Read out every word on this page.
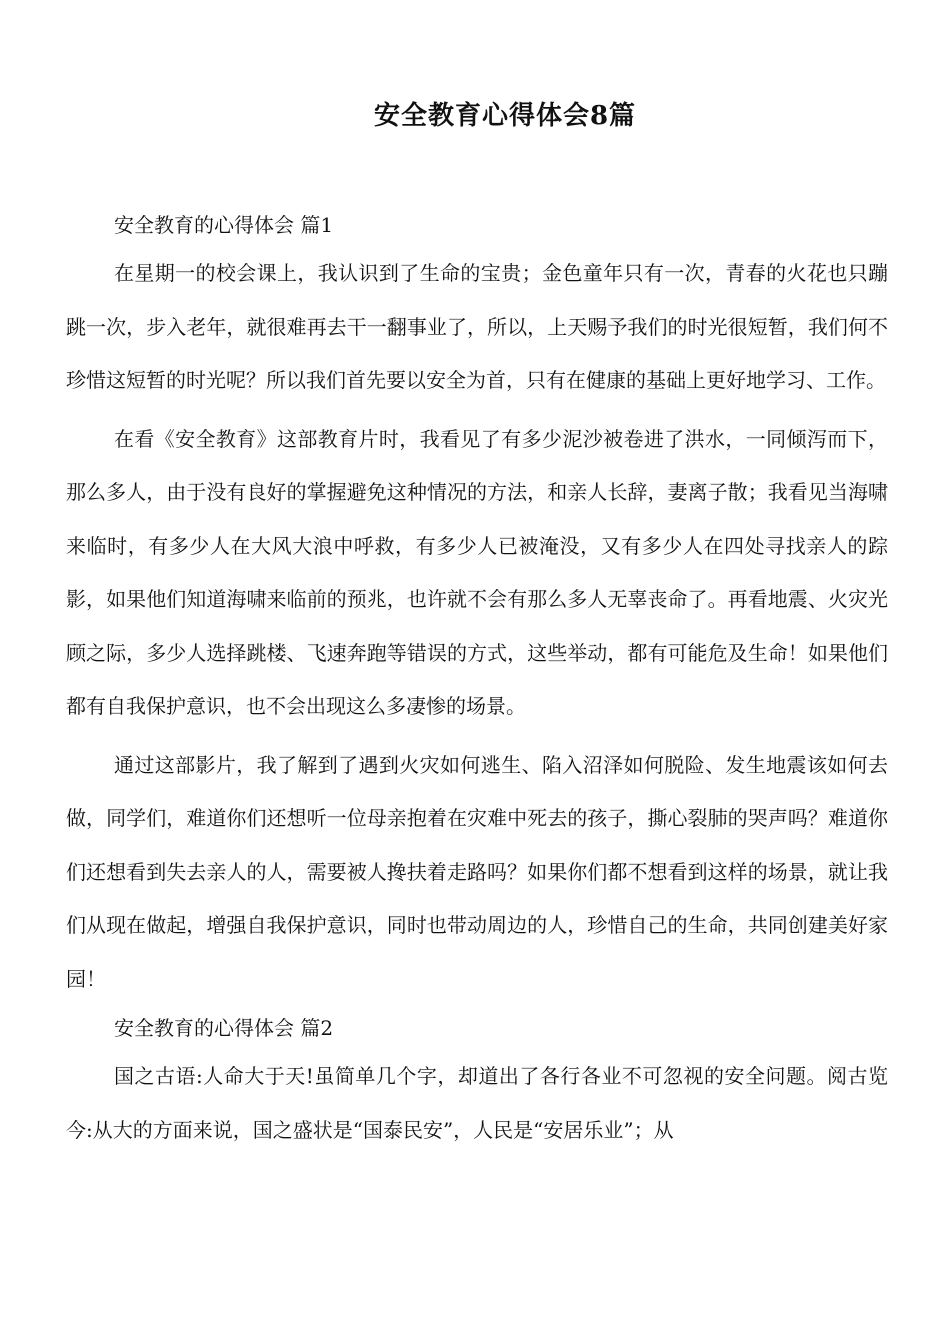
安全教育心得体会8篇

安全教育的心得体会 篇1

在星期一的校会课上，我认识到了生命的宝贵；金色童年只有一次，青春的火花也只蹦跳一次，步入老年，就很难再去干一翻事业了，所以，上天赐予我们的时光很短暂，我们何不珍惜这短暂的时光呢？所以我们首先要以安全为首，只有在健康的基础上更好地学习、工作。

在看《安全教育》这部教育片时，我看见了有多少泥沙被卷进了洪水，一同倾泻而下，那么多人，由于没有良好的掌握避免这种情况的方法，和亲人长辞，妻离子散；我看见当海啸来临时，有多少人在大风大浪中呼救，有多少人已被淹没，又有多少人在四处寻找亲人的踪影，如果他们知道海啸来临前的预兆，也许就不会有那么多人无辜丧命了。再看地震、火灾光顾之际，多少人选择跳楼、飞速奔跑等错误的方式，这些举动，都有可能危及生命！如果他们都有自我保护意识，也不会出现这么多凄惨的场景。

通过这部影片，我了解到了遇到火灾如何逃生、陷入沼泽如何脱险、发生地震该如何去做，同学们，难道你们还想听一位母亲抱着在灾难中死去的孩子，撕心裂肺的哭声吗？难道你们还想看到失去亲人的人，需要被人搀扶着走路吗？如果你们都不想看到这样的场景，就让我们从现在做起，增强自我保护意识，同时也带动周边的人，珍惜自己的生命，共同创建美好家园！

安全教育的心得体会 篇2

国之古语:人命大于天!虽简单几个字，却道出了各行各业不可忽视的安全问题。阅古览今:从大的方面来说，国之盛状是“国泰民安”，人民是“安居乐业”；从
